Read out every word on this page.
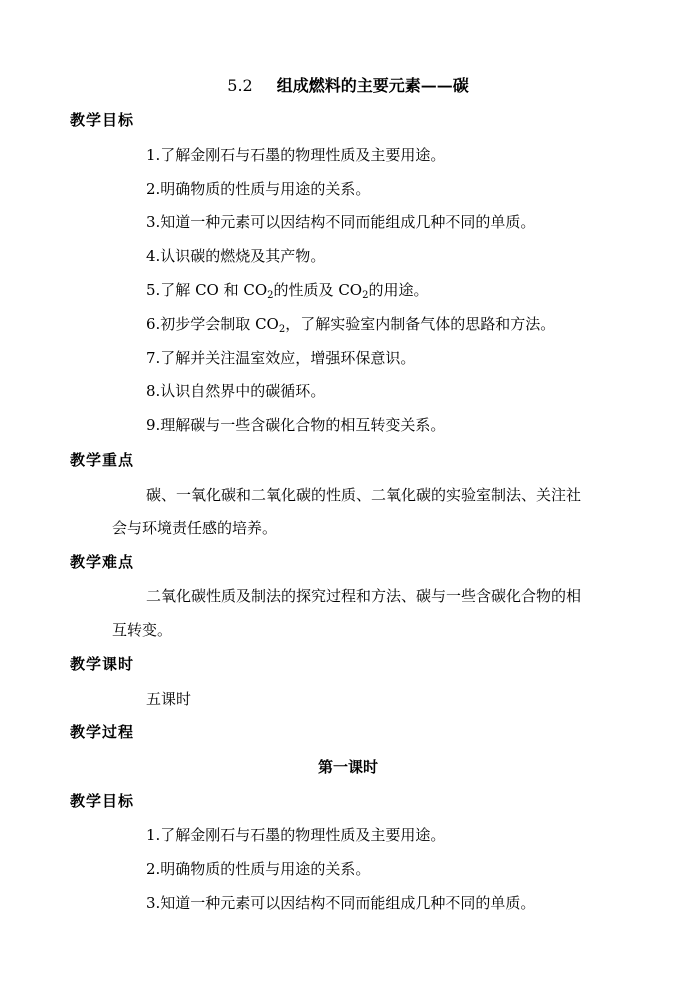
5.2 组成燃料的主要元素——碳
教学目标
1.了解金刚石与石墨的物理性质及主要用途。
2.明确物质的性质与用途的关系。
3.知道一种元素可以因结构不同而能组成几种不同的单质。
4.认识碳的燃烧及其产物。
5.了解 CO 和 $CO_2$的性质及 $CO_2$的用途。
6.初步学会制取 $CO_2$，了解实验室内制备气体的思路和方法。
7.了解并关注温室效应，增强环保意识。
8.认识自然界中的碳循环。
9.理解碳与一些含碳化合物的相互转变关系。
教学重点
碳、一氧化碳和二氧化碳的性质、二氧化碳的实验室制法、关注社
会与环境责任感的培养。
教学难点
二氧化碳性质及制法的探究过程和方法、碳与一些含碳化合物的相
互转变。
教学课时
五课时
教学过程
第一课时
教学目标
1.了解金刚石与石墨的物理性质及主要用途。
2.明确物质的性质与用途的关系。
3.知道一种元素可以因结构不同而能组成几种不同的单质。
